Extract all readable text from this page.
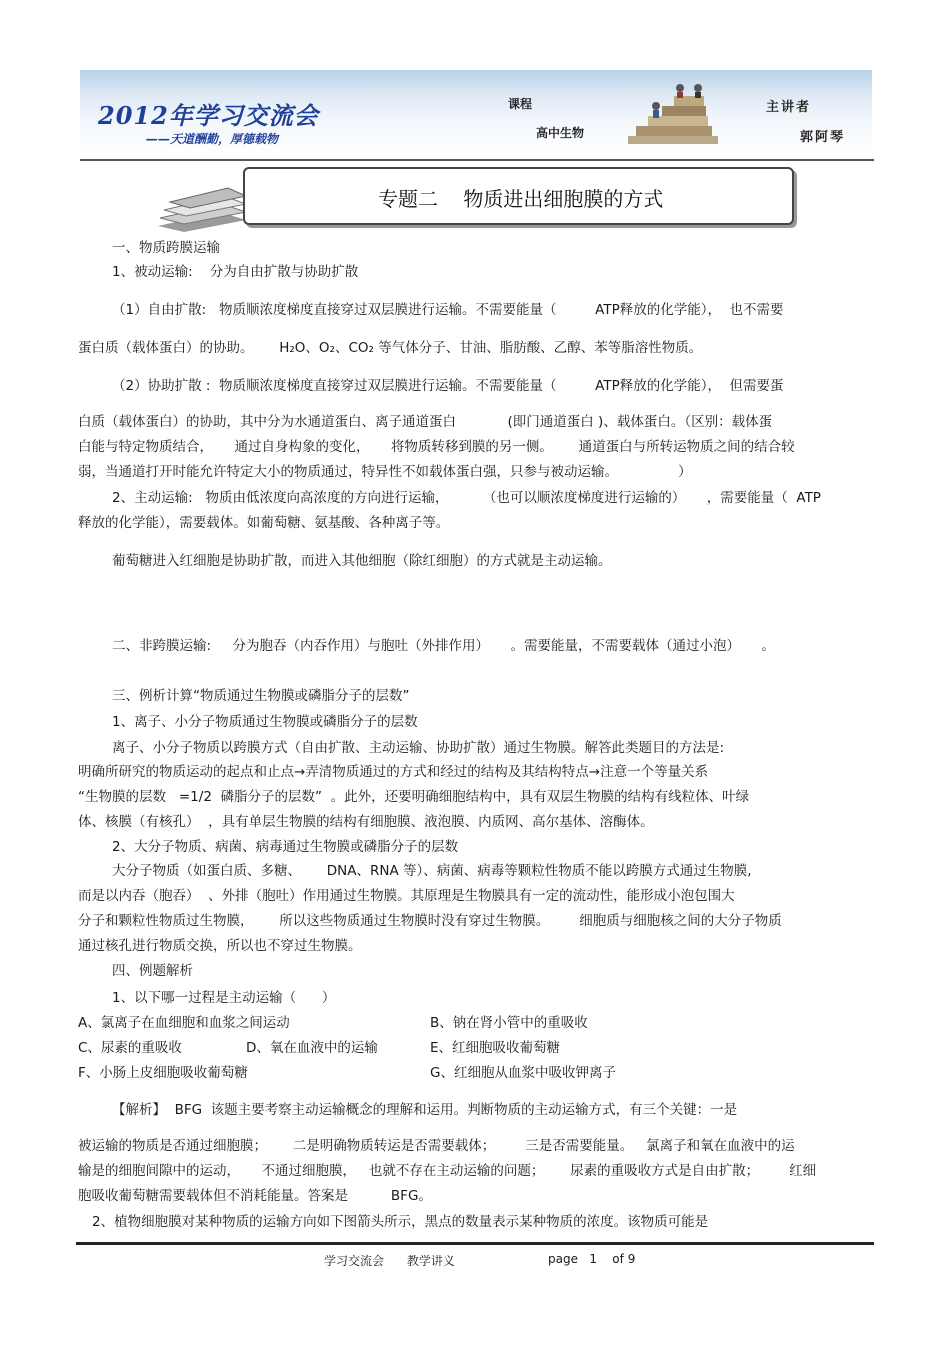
2012年学习交流会
——天道酬勤，厚德载物
课程
高中生物
主讲者
郭阿琴
专题二    物质进出细胞膜的方式
一、物质跨膜运输
1、被动运输:    分为自由扩散与协助扩散
（1）自由扩散:   物质顺浓度梯度直接穿过双层膜进行运输。不需要能量（         ATP释放的化学能），  也不需要
蛋白质（载体蛋白）的协助。      H₂O、O₂、CO₂ 等气体分子、甘油、脂肪酸、乙醇、苯等脂溶性物质。
（2）协助扩散 :  物质顺浓度梯度直接穿过双层膜进行运输。不需要能量（         ATP释放的化学能），  但需要蛋
白质（载体蛋白）的协助，其中分为水通道蛋白、离子通道蛋白            (即门通道蛋白 )、载体蛋白。（区别：载体蛋
白能与特定物质结合，     通过自身构象的变化，     将物质转移到膜的另一侧。      通道蛋白与所转运物质之间的结合较
弱，当通道打开时能允许特定大小的物质通过，特异性不如载体蛋白强，只参与被动运输。              ）
2、主动运输:   物质由低浓度向高浓度的方向进行运输，        （也可以顺浓度梯度进行运输的）     ，需要能量（  ATP
释放的化学能），需要载体。如葡萄糖、氨基酸、各种离子等。
葡萄糖进入红细胞是协助扩散，而进入其他细胞（除红细胞）的方式就是主动运输。
二、非跨膜运输:     分为胞吞（内吞作用）与胞吐（外排作用）     。需要能量，不需要载体（通过小泡）     。
三、例析计算“物质通过生物膜或磷脂分子的层数”
1、离子、小分子物质通过生物膜或磷脂分子的层数
离子、小分子物质以跨膜方式（自由扩散、主动运输、协助扩散）通过生物膜。解答此类题目的方法是:
明确所研究的物质运动的起点和止点→弄清物质通过的方式和经过的结构及其结构特点→注意一个等量关系
“生物膜的层数   =1/2  磷脂分子的层数”  。此外，还要明确细胞结构中，具有双层生物膜的结构有线粒体、叶绿
体、核膜（有核孔）  ，具有单层生物膜的结构有细胞膜、液泡膜、内质网、高尔基体、溶酶体。
2、大分子物质、病菌、病毒通过生物膜或磷脂分子的层数
大分子物质（如蛋白质、多糖、      DNA、RNA 等）、病菌、病毒等颗粒性物质不能以跨膜方式通过生物膜,
而是以内吞（胞吞）  、外排（胞吐）作用通过生物膜。其原理是生物膜具有一定的流动性，能形成小泡包围大
分子和颗粒性物质过生物膜，      所以这些物质通过生物膜时没有穿过生物膜。       细胞质与细胞核之间的大分子物质
通过核孔进行物质交换，所以也不穿过生物膜。
四、例题解析
1、以下哪一过程是主动运输（      ）
A、氯离子在血细胞和血浆之间运动	B、钠在肾小管中的重吸收
C、尿素的重吸收	D、氧在血液中的运输	E、红细胞吸收葡萄糖
F、小肠上皮细胞吸收葡萄糖	G、红细胞从血浆中吸收钾离子
【解析】  BFG  该题主要考察主动运输概念的理解和运用。判断物质的主动运输方式，有三个关键：一是
被运输的物质是否通过细胞膜；      二是明确物质转运是否需要载体；       三是否需要能量。   氯离子和氧在血液中的运
输是的细胞间隙中的运动，     不通过细胞膜，   也就不存在主动运输的问题；      尿素的重吸收方式是自由扩散；       红细
胞吸收葡萄糖需要载体但不消耗能量。答案是          BFG。
2、植物细胞膜对某种物质的运输方向如下图箭头所示，黑点的数量表示某种物质的浓度。该物质可能是
学习交流会      教学讲义	page   1    of 9
